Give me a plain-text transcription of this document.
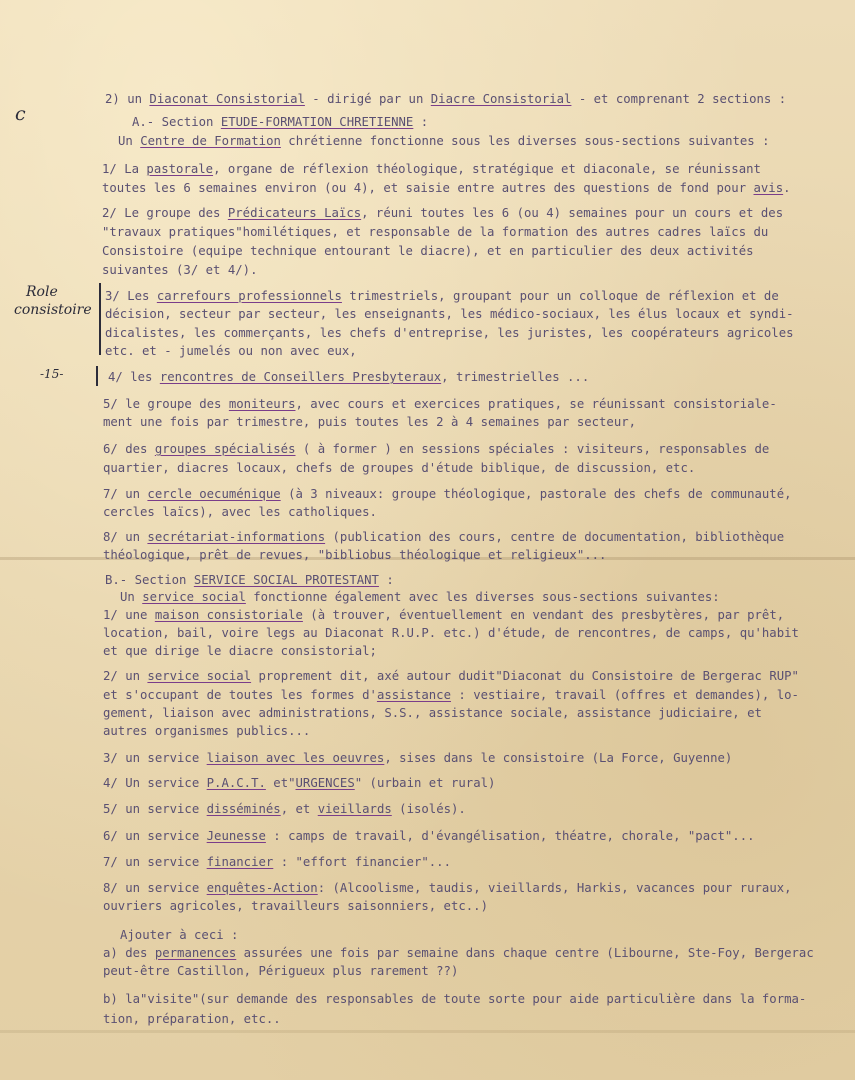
c
Role
consistoire
-15-
2) un Diaconat Consistorial - dirigé par un Diacre Consistorial - et comprenant 2 sections :
A.- Section ETUDE-FORMATION CHRETIENNE :
Un Centre de Formation chrétienne fonctionne sous les diverses sous-sections suivantes :
1/ La pastorale, organe de réflexion théologique, stratégique et diaconale, se réunissant
toutes les 6 semaines environ (ou 4), et saisie entre autres des questions de fond pour avis.
2/ Le groupe des Prédicateurs Laïcs, réuni toutes les 6 (ou 4) semaines pour un cours et des
"travaux pratiques"homilétiques, et responsable de la formation des autres cadres laïcs du
Consistoire (equipe technique entourant le diacre), et en particulier des deux activités
suivantes (3/ et 4/).
3/ Les carrefours professionnels trimestriels, groupant pour un colloque de réflexion et de
décision, secteur par secteur, les enseignants, les médico-sociaux, les élus locaux et syndi-
dicalistes, les commerçants, les chefs d'entreprise, les juristes, les coopérateurs agricoles
etc. et - jumelés ou non avec eux,
4/ les rencontres de Conseillers Presbyteraux, trimestrielles ...
5/ le groupe des moniteurs, avec cours et exercices pratiques, se réunissant consistoriale-
ment une fois par trimestre, puis toutes les 2 à 4 semaines par secteur,
6/ des groupes spécialisés ( à former ) en sessions spéciales : visiteurs, responsables de
quartier, diacres locaux, chefs de groupes d'étude biblique, de discussion, etc.
7/ un cercle oecuménique (à 3 niveaux: groupe théologique, pastorale des chefs de communauté,
cercles laïcs), avec les catholiques.
8/ un secrétariat-informations (publication des cours, centre de documentation, bibliothèque
théologique, prêt de revues, "bibliobus théologique et religieux"...
B.- Section SERVICE SOCIAL PROTESTANT :
Un service social fonctionne également avec les diverses sous-sections suivantes:
1/ une maison consistoriale (à trouver, éventuellement en vendant des presbytères, par prêt,
location, bail, voire legs au Diaconat R.U.P. etc.) d'étude, de rencontres, de camps, qu'habit
et que dirige le diacre consistorial;
2/ un service social proprement dit, axé autour dudit"Diaconat du Consistoire de Bergerac RUP"
et s'occupant de toutes les formes d'assistance : vestiaire, travail (offres et demandes), lo-
gement, liaison avec administrations, S.S., assistance sociale, assistance judiciaire, et
autres organismes publics...
3/ un service liaison avec les oeuvres, sises dans le consistoire (La Force, Guyenne)
4/ Un service P.A.C.T. et"URGENCES" (urbain et rural)
5/ un service disséminés, et vieillards (isolés).
6/ un service Jeunesse : camps de travail, d'évangélisation, théatre, chorale, "pact"...
7/ un service financier : "effort financier"...
8/ un service enquêtes-Action: (Alcoolisme, taudis, vieillards, Harkis, vacances pour ruraux,
ouvriers agricoles, travailleurs saisonniers, etc..)
Ajouter à ceci :
a) des permanences assurées une fois par semaine dans chaque centre (Libourne, Ste-Foy, Bergerac
peut-être Castillon, Périgueux plus rarement ??)
b) la"visite"(sur demande des responsables de toute sorte pour aide particulière dans la forma-
tion, préparation, etc..
